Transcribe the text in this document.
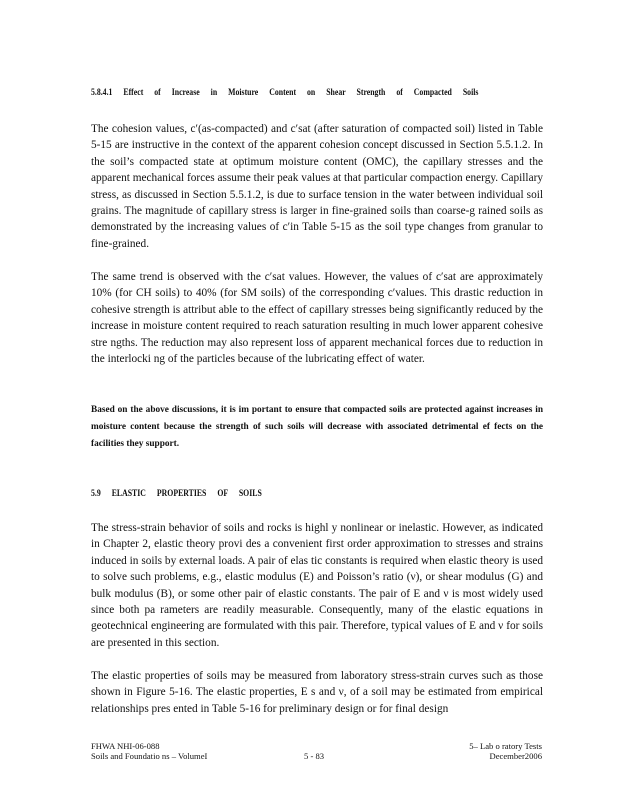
5.8.4.1 Effect of Increase in Moisture Content on Shear Strength of Compacted Soils

The cohesion values, c′(as-compacted) and c′sat (after saturation of compacted soil) listed in Table 5-15 are instructive in the context of the apparent cohesion concept discussed in Section 5.5.1.2. In the soil’s compacted state at optimum moisture content (OMC), the capillary stresses and the apparent mechanical forces assume their peak values at that particular compaction energy. Capillary stress, as discussed in Section 5.5.1.2, is due to surface tension in the water between individual soil grains. The magnitude of capillary stress is larger in fine-grained soils than coarse-g rained soils as demonstrated by the increasing values of c′in Table 5-15 as the soil type changes from granular to fine-grained.

The same trend is observed with the c′sat values. However, the values of c′sat are approximately 10% (for CH soils) to 40% (for SM soils) of the corresponding c′values. This drastic reduction in cohesive strength is attribut able to the effect of capillary stresses being significantly reduced by the increase in moisture content required to reach saturation resulting in much lower apparent cohesive stre ngths. The reduction may also represent loss of apparent mechanical forces due to reduction in the interlocki ng of the particles because of the lubricating effect of water.

Based on the above discussions, it is im portant to ensure that compacted soils are protected against increases in moisture content because the strength of such soils will decrease with associated detrimental ef fects on the facilities they support.

5.9 ELASTIC PROPERTIES OF SOILS

The stress-strain behavior of soils and rocks is highl y nonlinear or inelastic. However, as indicated in Chapter 2, elastic theory provi des a convenient first order approximation to stresses and strains induced in soils by external loads. A pair of elas tic constants is required when elastic theory is used to solve such problems, e.g., elastic modulus (E) and Poisson’s ratio (ν), or shear modulus (G) and bulk modulus (B), or some other pair of elastic constants. The pair of E and ν is most widely used since both pa rameters are readily measurable. Consequently, many of the elastic equations in geotechnical engineering are formulated with this pair. Therefore, typical values of E and ν for soils are presented in this section.

The elastic properties of soils may be measured from laboratory stress-strain curves such as those shown in Figure 5-16. The elastic properties, E s and ν, of a soil may be estimated from empirical relationships pres ented in Table 5-16 for preliminary design or for final design

FHWA NHI-06-088
Soils and Foundatio ns – VolumeI	5 - 83
5– Lab o ratory Tests
December2006
